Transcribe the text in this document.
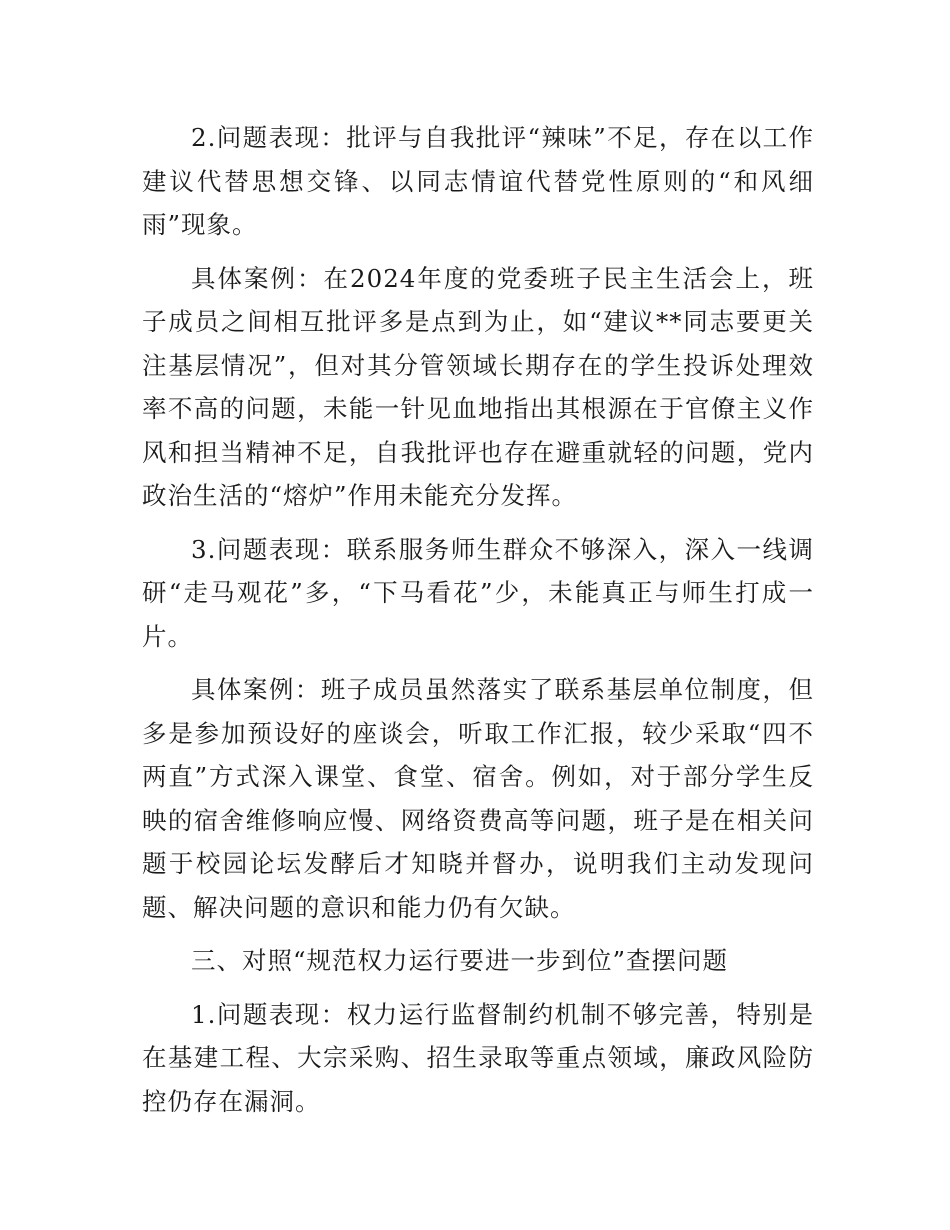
2.问题表现：批评与自我批评“辣味”不足，存在以工作建议代替思想交锋、以同志情谊代替党性原则的“和风细雨”现象。

具体案例：在2024年度的党委班子民主生活会上，班子成员之间相互批评多是点到为止，如“建议**同志要更关注基层情况”，但对其分管领域长期存在的学生投诉处理效率不高的问题，未能一针见血地指出其根源在于官僚主义作风和担当精神不足，自我批评也存在避重就轻的问题，党内政治生活的“熔炉”作用未能充分发挥。

3.问题表现：联系服务师生群众不够深入，深入一线调研“走马观花”多，“下马看花”少，未能真正与师生打成一片。

具体案例：班子成员虽然落实了联系基层单位制度，但多是参加预设好的座谈会，听取工作汇报，较少采取“四不两直”方式深入课堂、食堂、宿舍。例如，对于部分学生反映的宿舍维修响应慢、网络资费高等问题，班子是在相关问题于校园论坛发酵后才知晓并督办，说明我们主动发现问题、解决问题的意识和能力仍有欠缺。

三、对照“规范权力运行要进一步到位”查摆问题

1.问题表现：权力运行监督制约机制不够完善，特别是在基建工程、大宗采购、招生录取等重点领域，廉政风险防控仍存在漏洞。
